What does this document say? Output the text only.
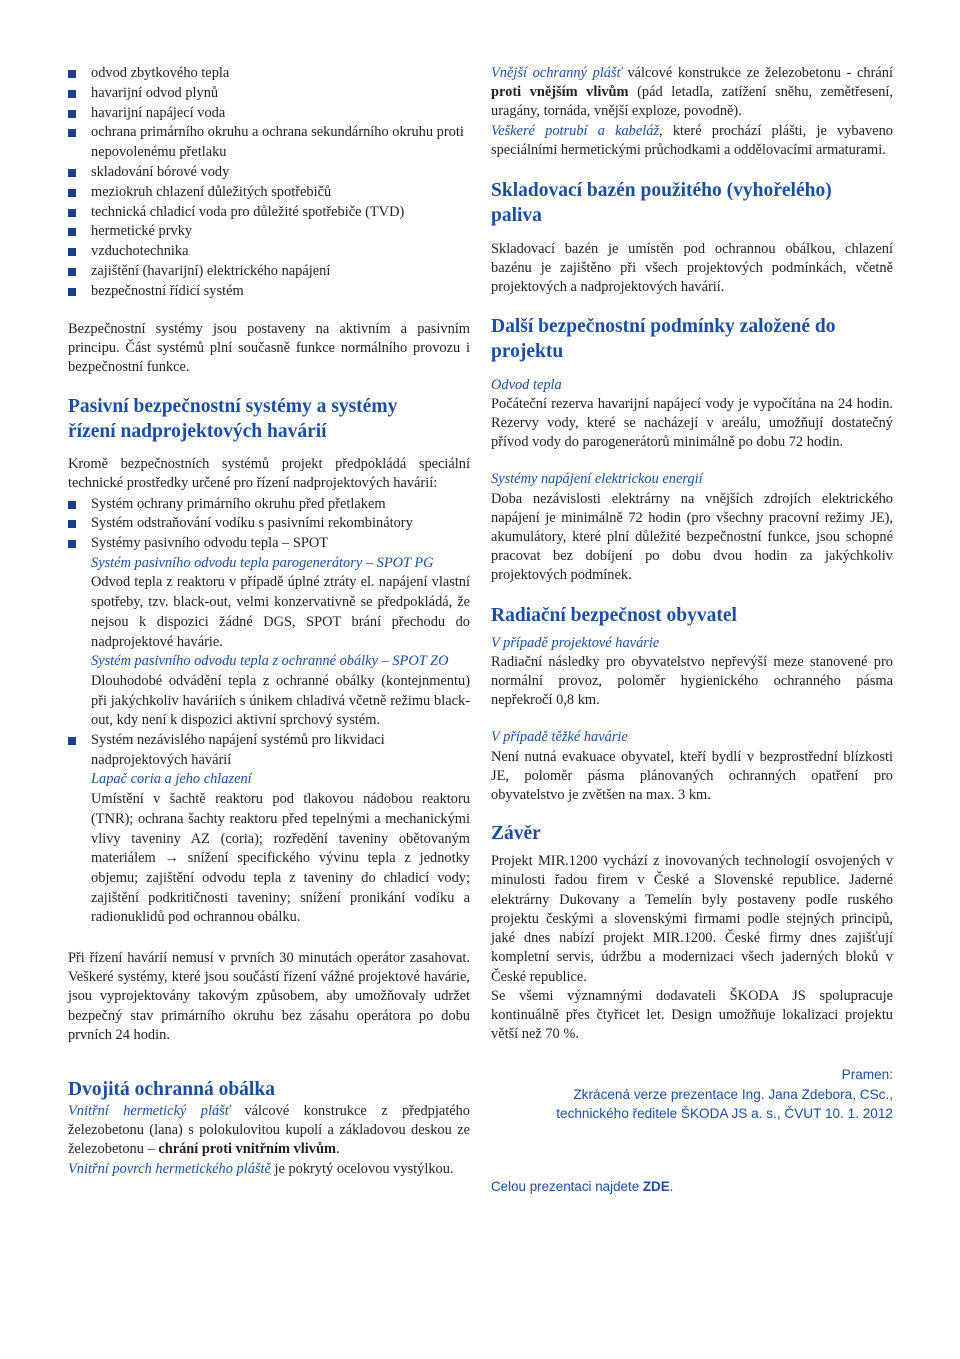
odvod zbytkového tepla
havarijní odvod plynů
havarijní napájecí voda
ochrana primárního okruhu a ochrana sekundárního okruhu proti nepovolenému přetlaku
skladování bórové vody
meziokruh chlazení důležitých spotřebičů
technická chladicí voda pro důležité spotřebiče (TVD)
hermetické prvky
vzduchotechnika
zajištění (havarijní) elektrického napájení
bezpečnostní řídicí systém

Bezpečnostní systémy jsou postaveny na aktivním a pasivním principu. Část systémů plní současně funkce normálního provozu i bezpečnostní funkce.

Pasivní bezpečnostní systémy a systémy řízení nadprojektových havárií

Kromě bezpečnostních systémů projekt předpokládá speciální technické prostředky určené pro řízení nadprojektových havárií:

Systém ochrany primárního okruhu před přetlakem
Systém odstraňování vodíku s pasivními rekombinátory
Systémy pasivního odvodu tepla – SPOT
Systém pasivního odvodu tepla parogenerátory – SPOT PG

Odvod tepla z reaktoru v případě úplné ztráty el. napájení vlastní spotřeby, tzv. black-out, velmi konzervativně se předpokládá, že nejsou k dispozici žádné DGS, SPOT brání přechodu do nadprojektové havárie.

Systém pasivního odvodu tepla z ochranné obálky – SPOT ZO

Dlouhodobé odvádění tepla z ochranné obálky (kontejnmentu) při jakýchkoliv haváriích s únikem chladivá včetně režimu black-out, kdy není k dispozici aktivní sprchový systém.

Systém nezávislého napájení systémů pro likvidaci nadprojektových havárií
Lapač coria a jeho chlazení

Umístění v šachtě reaktoru pod tlakovou nádobou reaktoru (TNR); ochrana šachty reaktoru před tepelnými a mechanickými vlivy taveniny AZ (coria); rozředění taveniny obětovaným materiálem → snížení specifického vývinu tepla z jednotky objemu; zajištění odvodu tepla z taveniny do chladicí vody; zajištění podkritičnosti taveniny; snížení pronikání vodíku a radionuklidů pod ochrannou obálku.

Při řízení havárií nemusí v prvních 30 minutách operátor zasahovat. Veškeré systémy, které jsou součástí řízení vážné projektové havárie, jsou vyprojektovány takovým způsobem, aby umožňovaly udržet bezpečný stav primárního okruhu bez zásahu operátora po dobu prvních 24 hodin.

Dvojitá ochranná obálka

Vnitřní hermetický plášť válcové konstrukce z předpjatého železobetonu (lana) s polokulovitou kupolí a základovou deskou ze železobetonu – chrání proti vnitřním vlivům.

Vnitřní povrch hermetického pláště je pokrytý ocelovou vystýlkou.

Vnější ochranný plášť válcové konstrukce ze železobetonu - chrání proti vnějším vlivům (pád letadla, zatížení sněhu, zemětřesení, uragány, tornáda, vnější exploze, povodně).

Veškeré potrubí a kabeláž, které prochází plášti, je vybaveno speciálními hermetickými průchodkami a oddělovacími armaturami.

Skladovací bazén použitého (vyhořelého) paliva

Skladovací bazén je umístěn pod ochrannou obálkou, chlazení bazénu je zajištěno při všech projektových podmínkách, včetně projektových a nadprojektových havárií.

Další bezpečnostní podmínky založené do projektu
Odvod tepla

Počáteční rezerva havarijní napájecí vody je vypočítána na 24 hodin. Rezervy vody, které se nacházejí v areálu, umožňují dostatečný přívod vody do parogenerátorů minimálně po dobu 72 hodin.

Systémy napájení elektrickou energií

Doba nezávislosti elektrárny na vnějších zdrojích elektrického napájení je minimálně 72 hodin (pro všechny pracovní režimy JE), akumulátory, které plní důležité bezpečnostní funkce, jsou schopné pracovat bez dobíjení po dobu dvou hodin za jakýchkoliv projektových podmínek.

Radiační bezpečnost obyvatel
V případě projektové havárie

Radiační následky pro obyvatelstvo nepřevýší meze stanovené pro normální provoz, poloměr hygienického ochranného pásma nepřekročí 0,8 km.

V případě těžké havárie

Není nutná evakuace obyvatel, kteří bydlí v bezprostřední blízkosti JE, poloměr pásma plánovaných ochranných opatření pro obyvatelstvo je zvětšen na max. 3 km.

Závěr

Projekt MIR.1200 vychází z inovovaných technologií osvojených v minulosti řadou firem v České a Slovenské republice. Jaderné elektrárny Dukovany a Temelín byly postaveny podle ruského projektu českými a slovenskými firmami podle stejných principů, jaké dnes nabízí projekt MIR.1200. České firmy dnes zajišťují kompletní servis, údržbu a modernizaci všech jaderných bloků v České republice.

Se všemi významnými dodavateli ŠKODA JS spolupracuje kontinuálně přes čtyřicet let. Design umožňuje lokalizaci projektu větší než 70 %.

Pramen:
Zkrácená verze prezentace Ing. Jana Zdebora, CSc.,
technického ředitele ŠKODA JS a. s., ČVUT 10. 1. 2012
Celou prezentaci najdete ZDE.
